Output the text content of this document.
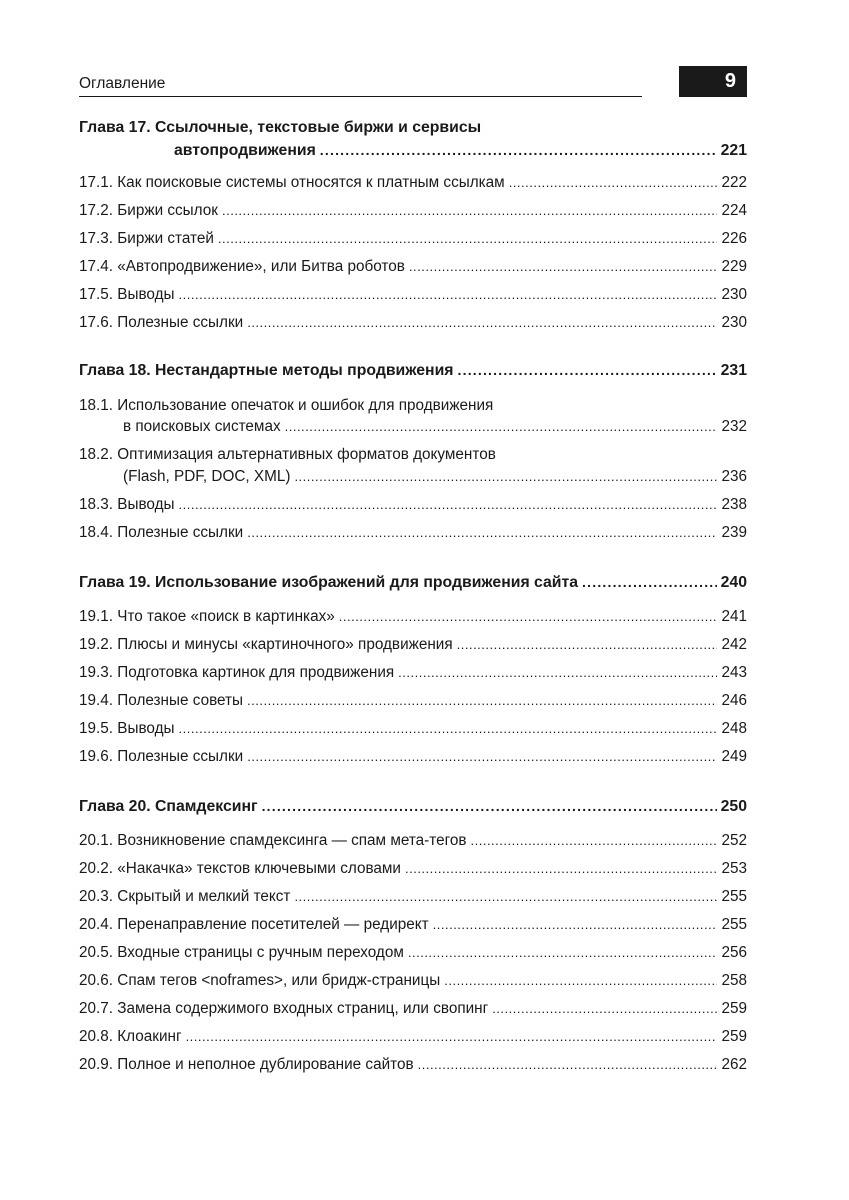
Оглавление	9
Глава 17. Ссылочные, текстовые биржи и сервисы
автопродвижения .....	221
17.1. Как поисковые системы относятся к платным ссылкам .....	222
17.2. Биржи ссылок .....	224
17.3. Биржи статей .....	226
17.4. «Автопродвижение», или Битва роботов .....	229
17.5. Выводы .....	230
17.6. Полезные ссылки .....	230
Глава 18. Нестандартные методы продвижения .....	231
18.1. Использование опечаток и ошибок для продвижения
в поисковых системах .....	232
18.2. Оптимизация альтернативных форматов документов
(Flash, PDF, DOC, XML) .....	236
18.3. Выводы .....	238
18.4. Полезные ссылки .....	239
Глава 19. Использование изображений для продвижения сайта .....	240
19.1. Что такое «поиск в картинках» .....	241
19.2. Плюсы и минусы «картиночного» продвижения .....	242
19.3. Подготовка картинок для продвижения .....	243
19.4. Полезные советы .....	246
19.5. Выводы .....	248
19.6. Полезные ссылки .....	249
Глава 20. Спамдексинг .....	250
20.1. Возникновение спамдексинга — спам мета-тегов .....	252
20.2. «Накачка» текстов ключевыми словами .....	253
20.3. Скрытый и мелкий текст .....	255
20.4. Перенаправление посетителей — редирект .....	255
20.5. Входные страницы с ручным переходом .....	256
20.6. Спам тегов <noframes>, или бридж-страницы .....	258
20.7. Замена содержимого входных страниц, или свопинг .....	259
20.8. Клоакинг .....	259
20.9. Полное и неполное дублирование сайтов .....	262
